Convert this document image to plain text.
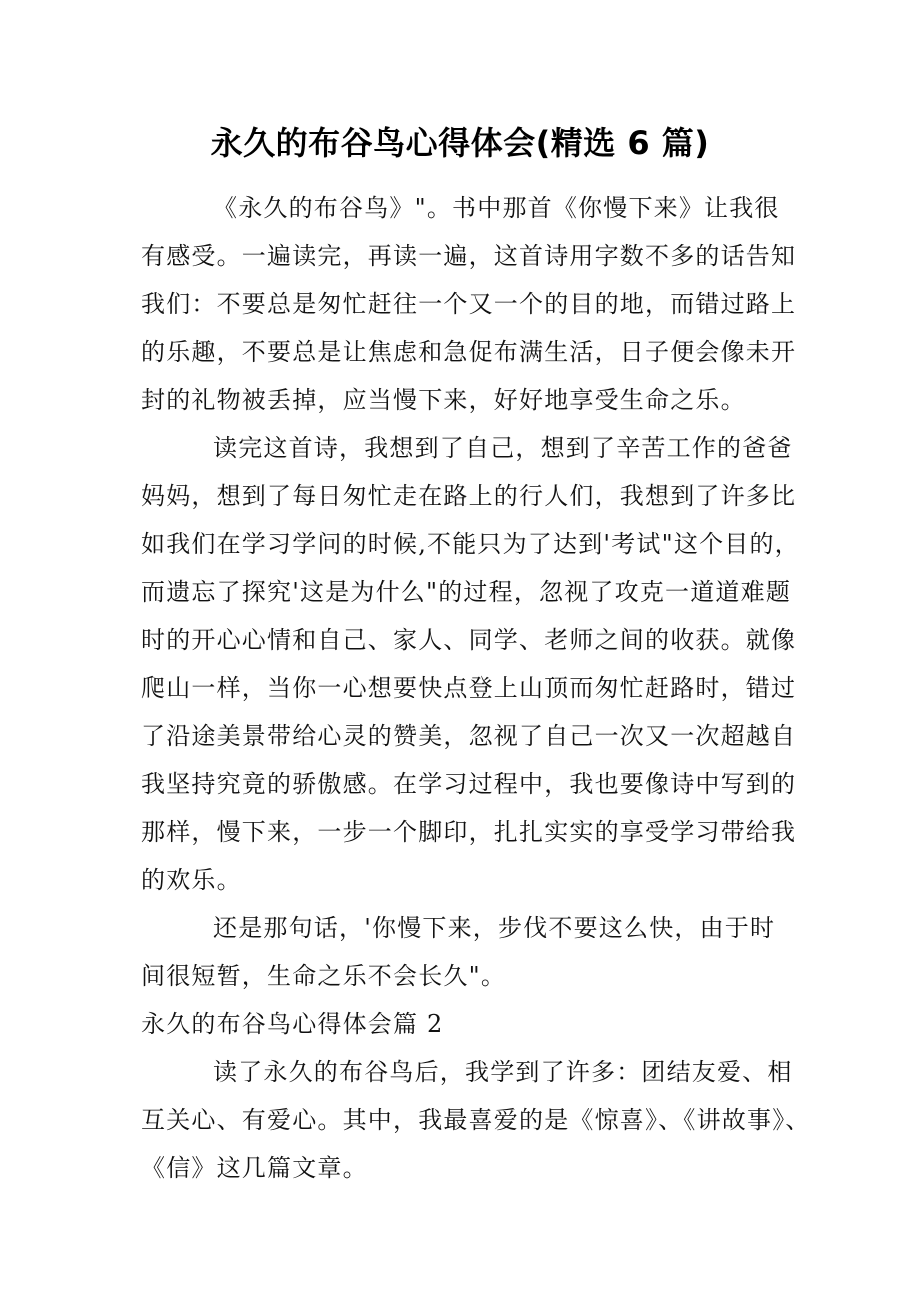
永久的布谷鸟心得体会(精选 6 篇)
《永久的布谷鸟》"。书中那首《你慢下来》让我很
有感受。一遍读完，再读一遍，这首诗用字数不多的话告知
我们：不要总是匆忙赶往一个又一个的目的地，而错过路上
的乐趣，不要总是让焦虑和急促布满生活，日子便会像未开
封的礼物被丢掉，应当慢下来，好好地享受生命之乐。
读完这首诗，我想到了自己，想到了辛苦工作的爸爸
妈妈，想到了每日匆忙走在路上的行人们，我想到了许多比
如我们在学习学问的时候,不能只为了达到'考试"这个目的，
而遗忘了探究'这是为什么"的过程，忽视了攻克一道道难题
时的开心心情和自己、家人、同学、老师之间的收获。就像
爬山一样，当你一心想要快点登上山顶而匆忙赶路时，错过
了沿途美景带给心灵的赞美，忽视了自己一次又一次超越自
我坚持究竟的骄傲感。在学习过程中，我也要像诗中写到的
那样，慢下来，一步一个脚印，扎扎实实的享受学习带给我
的欢乐。
还是那句话，'你慢下来，步伐不要这么快，由于时
间很短暂，生命之乐不会长久"。
永久的布谷鸟心得体会篇 2
读了永久的布谷鸟后，我学到了许多：团结友爱、相
互关心、有爱心。其中，我最喜爱的是《惊喜》、《讲故事》、
《信》这几篇文章。
